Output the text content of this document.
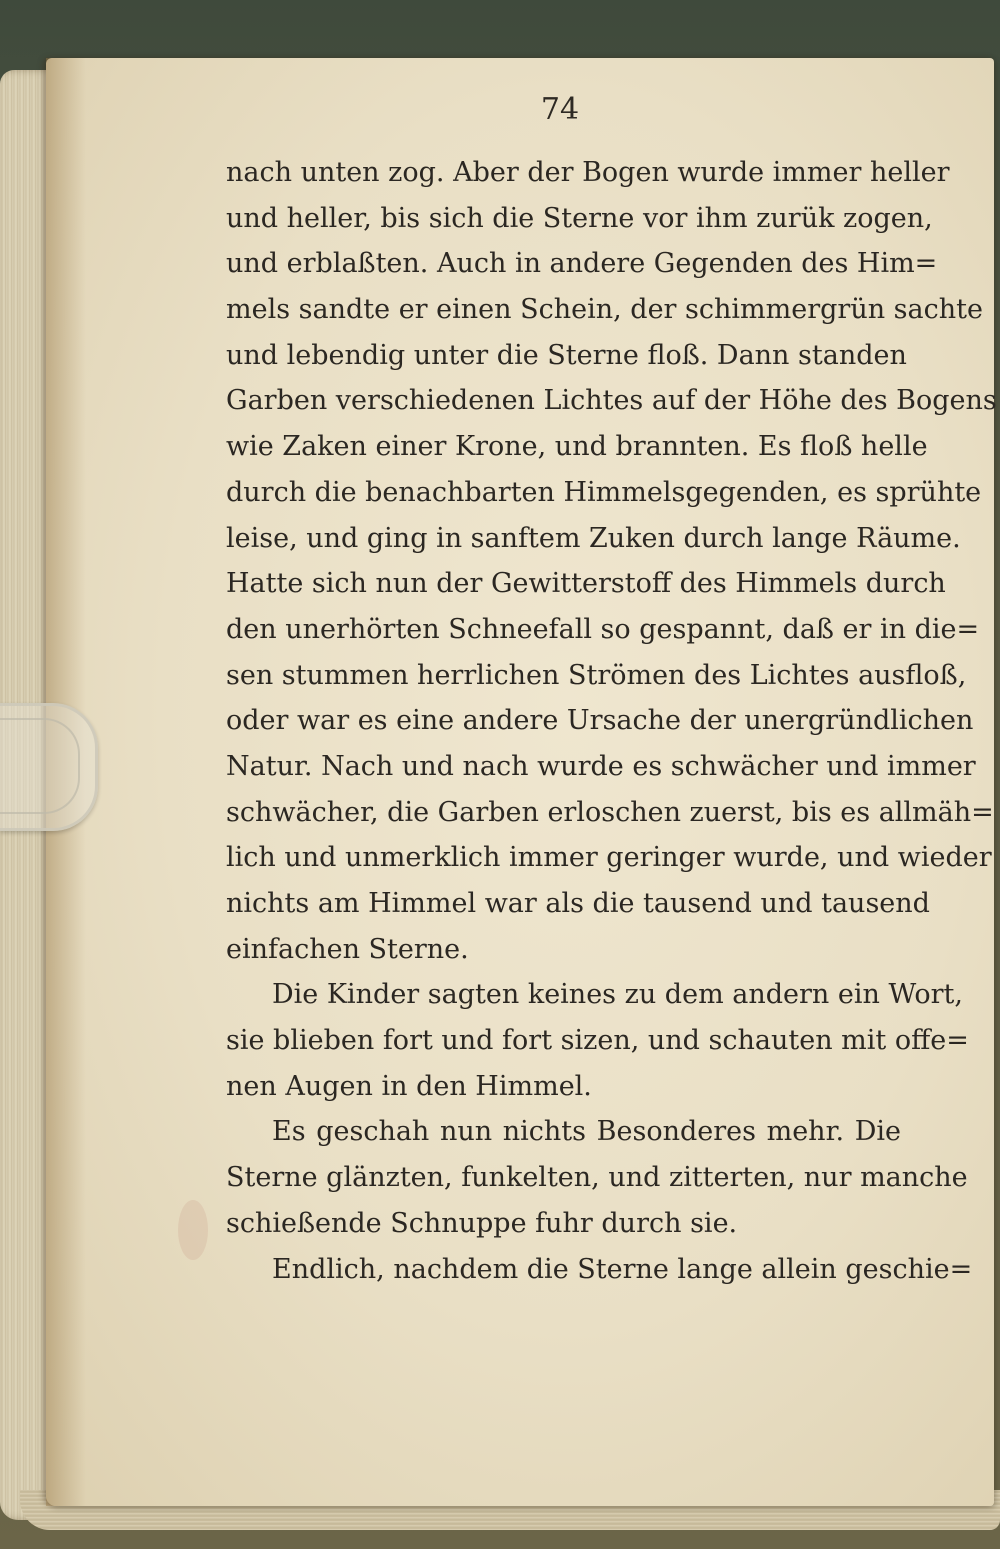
74
nach unten zog. Aber der Bogen wurde immer heller
und heller, bis sich die Sterne vor ihm zurük zogen,
und erblaßten. Auch in andere Gegenden des Him=
mels sandte er einen Schein, der schimmergrün sachte
und lebendig unter die Sterne floß. Dann standen
Garben verschiedenen Lichtes auf der Höhe des Bogens
wie Zaken einer Krone, und brannten. Es floß helle
durch die benachbarten Himmelsgegenden, es sprühte
leise, und ging in sanftem Zuken durch lange Räume.
Hatte sich nun der Gewitterstoff des Himmels durch
den unerhörten Schneefall so gespannt, daß er in die=
sen stummen herrlichen Strömen des Lichtes ausfloß,
oder war es eine andere Ursache der unergründlichen
Natur. Nach und nach wurde es schwächer und immer
schwächer, die Garben erloschen zuerst, bis es allmäh=
lich und unmerklich immer geringer wurde, und wieder
nichts am Himmel war als die tausend und tausend
einfachen Sterne.
Die Kinder sagten keines zu dem andern ein Wort,
sie blieben fort und fort sizen, und schauten mit offe=
nen Augen in den Himmel.
Es geschah nun nichts Besonderes mehr. Die
Sterne glänzten, funkelten, und zitterten, nur manche
schießende Schnuppe fuhr durch sie.
Endlich, nachdem die Sterne lange allein geschie=
